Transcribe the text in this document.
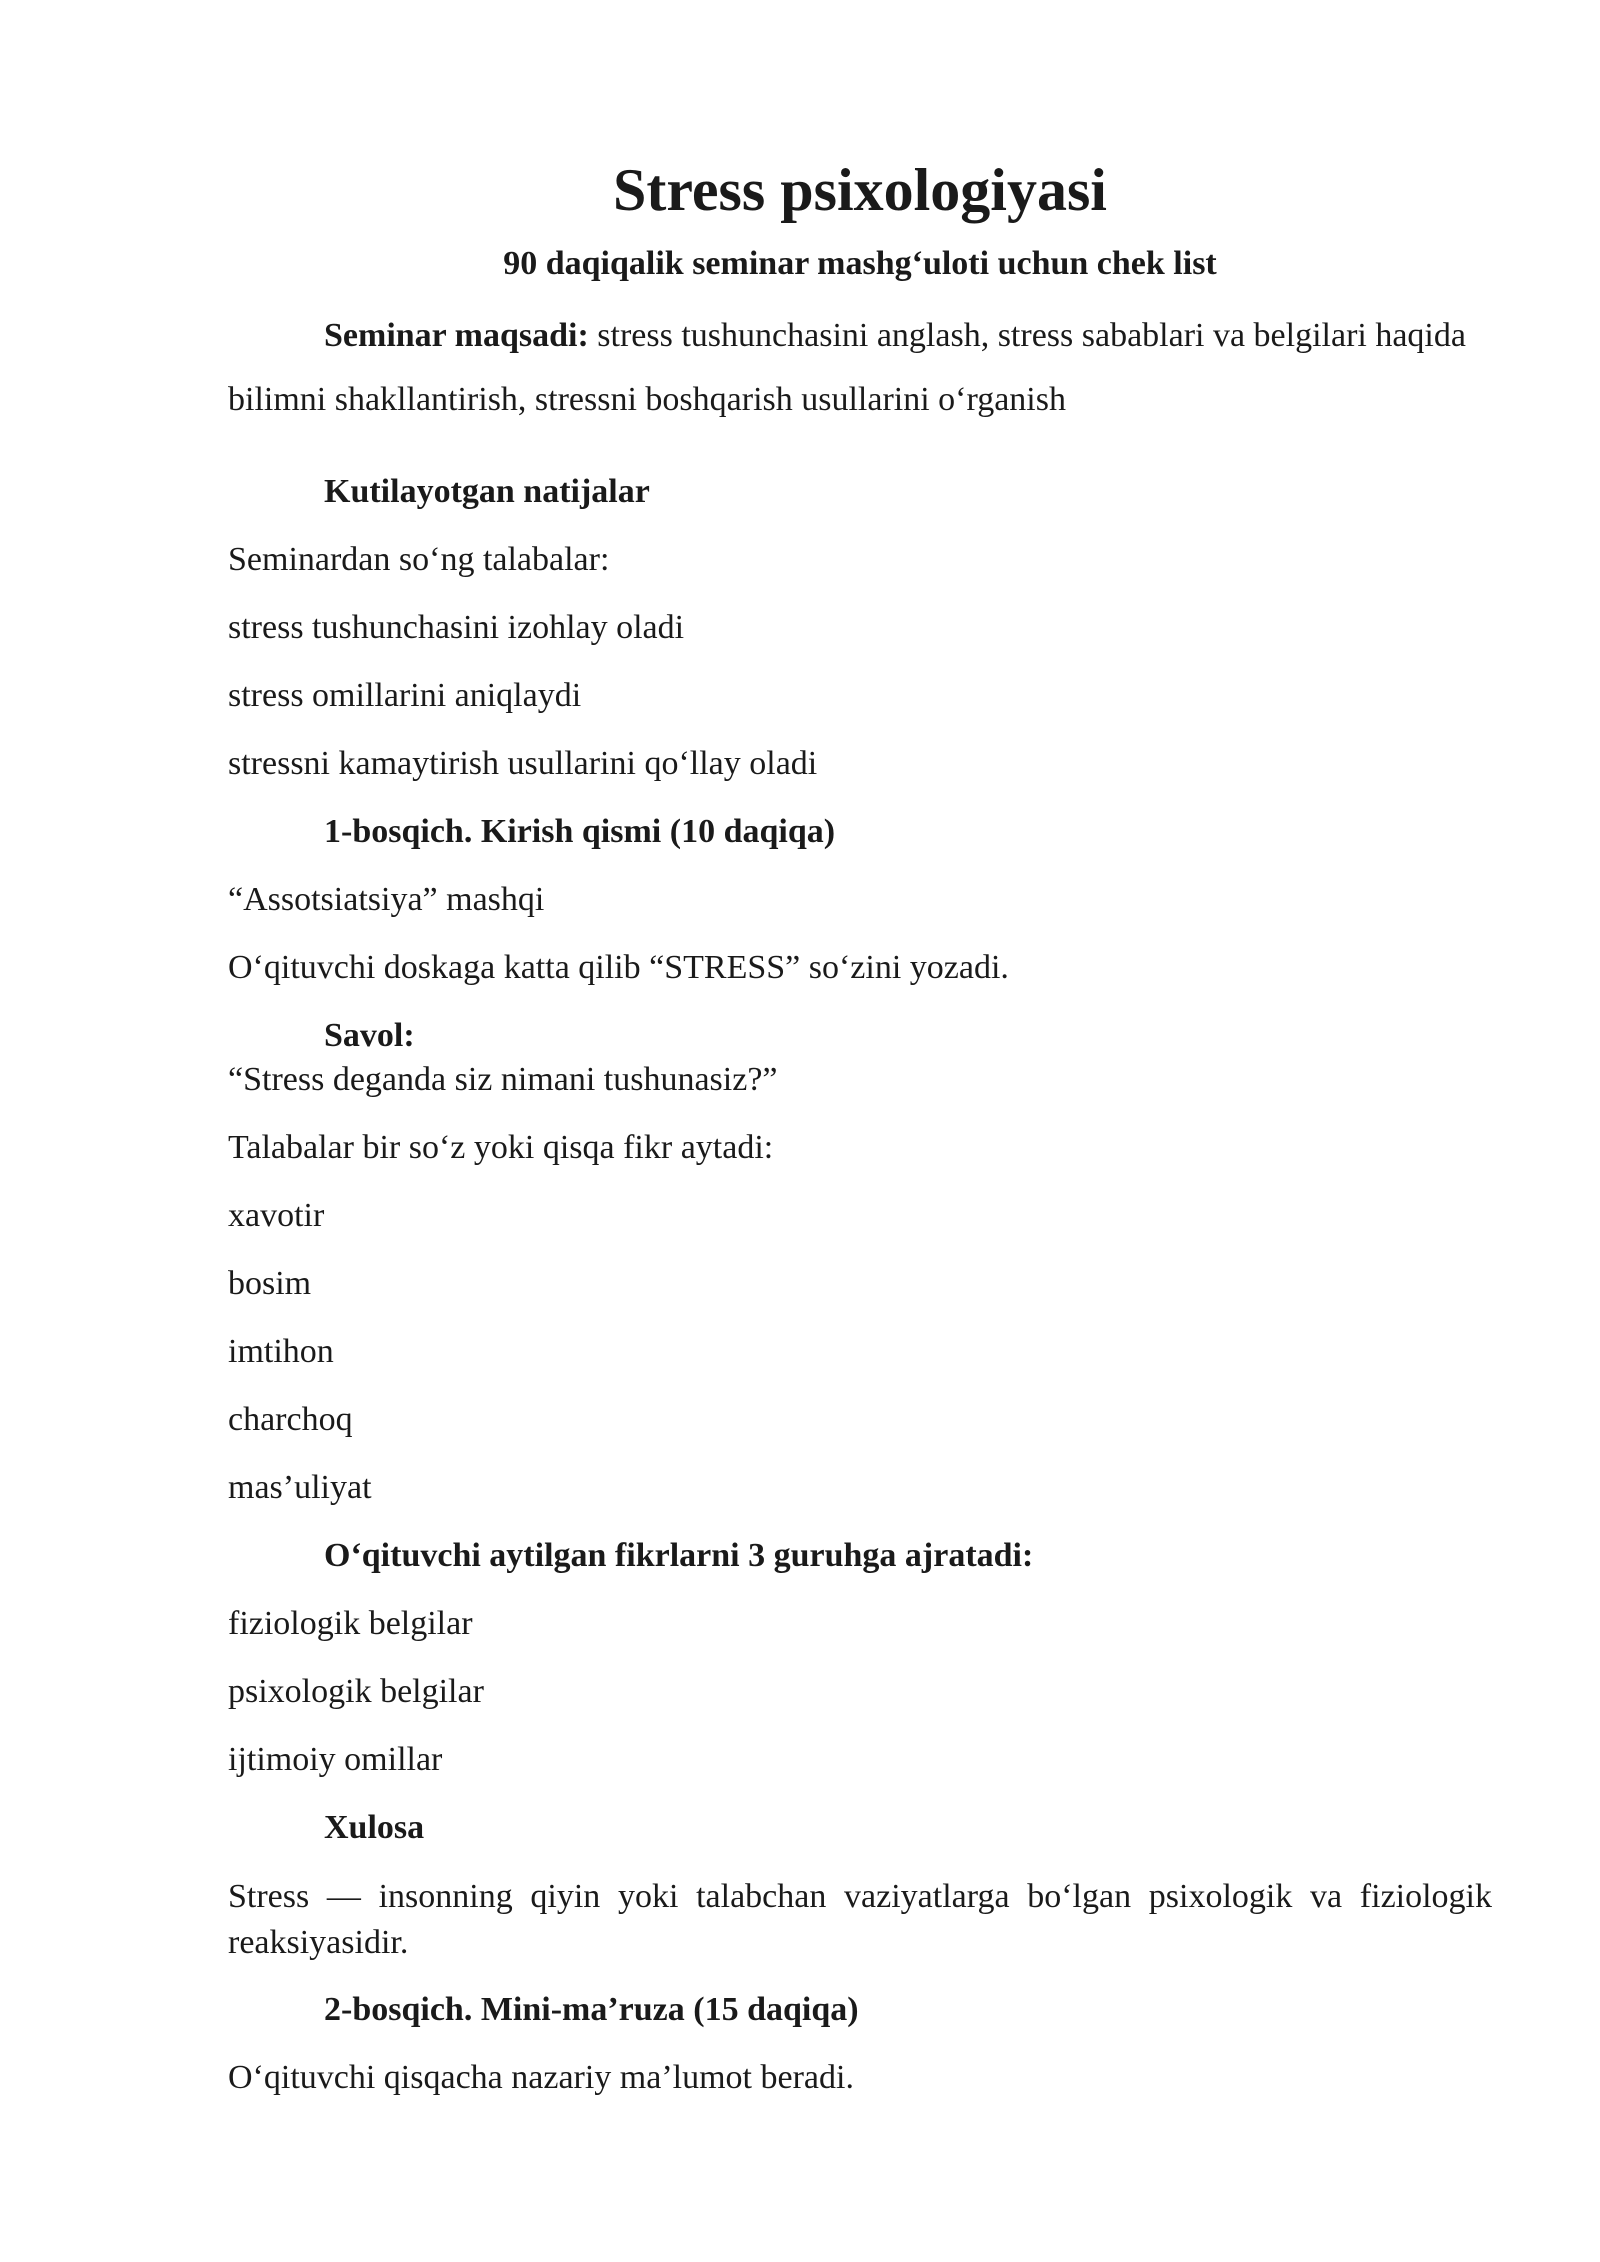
Stress psixologiyasi
90 daqiqalik seminar mashg‘uloti uchun chek list

Seminar maqsadi: stress tushunchasini anglash, stress sabablari va belgilari haqida bilimni shakllantirish, stressni boshqarish usullarini o‘rganish

Kutilayotgan natijalar

Seminardan so‘ng talabalar:

stress tushunchasini izohlay oladi

stress omillarini aniqlaydi

stressni kamaytirish usullarini qo‘llay oladi

1-bosqich. Kirish qismi (10 daqiqa)

“Assotsiatsiya” mashqi

O‘qituvchi doskaga katta qilib “STRESS” so‘zini yozadi.

Savol:

“Stress deganda siz nimani tushunasiz?”

Talabalar bir so‘z yoki qisqa fikr aytadi:

xavotir

bosim

imtihon

charchoq

mas’uliyat

O‘qituvchi aytilgan fikrlarni 3 guruhga ajratadi:

fiziologik belgilar

psixologik belgilar

ijtimoiy omillar

Xulosa

Stress — insonning qiyin yoki talabchan vaziyatlarga bo‘lgan psixologik va fiziologik reaksiyasidir.

2-bosqich. Mini-ma’ruza (15 daqiqa)

O‘qituvchi qisqacha nazariy ma’lumot beradi.
